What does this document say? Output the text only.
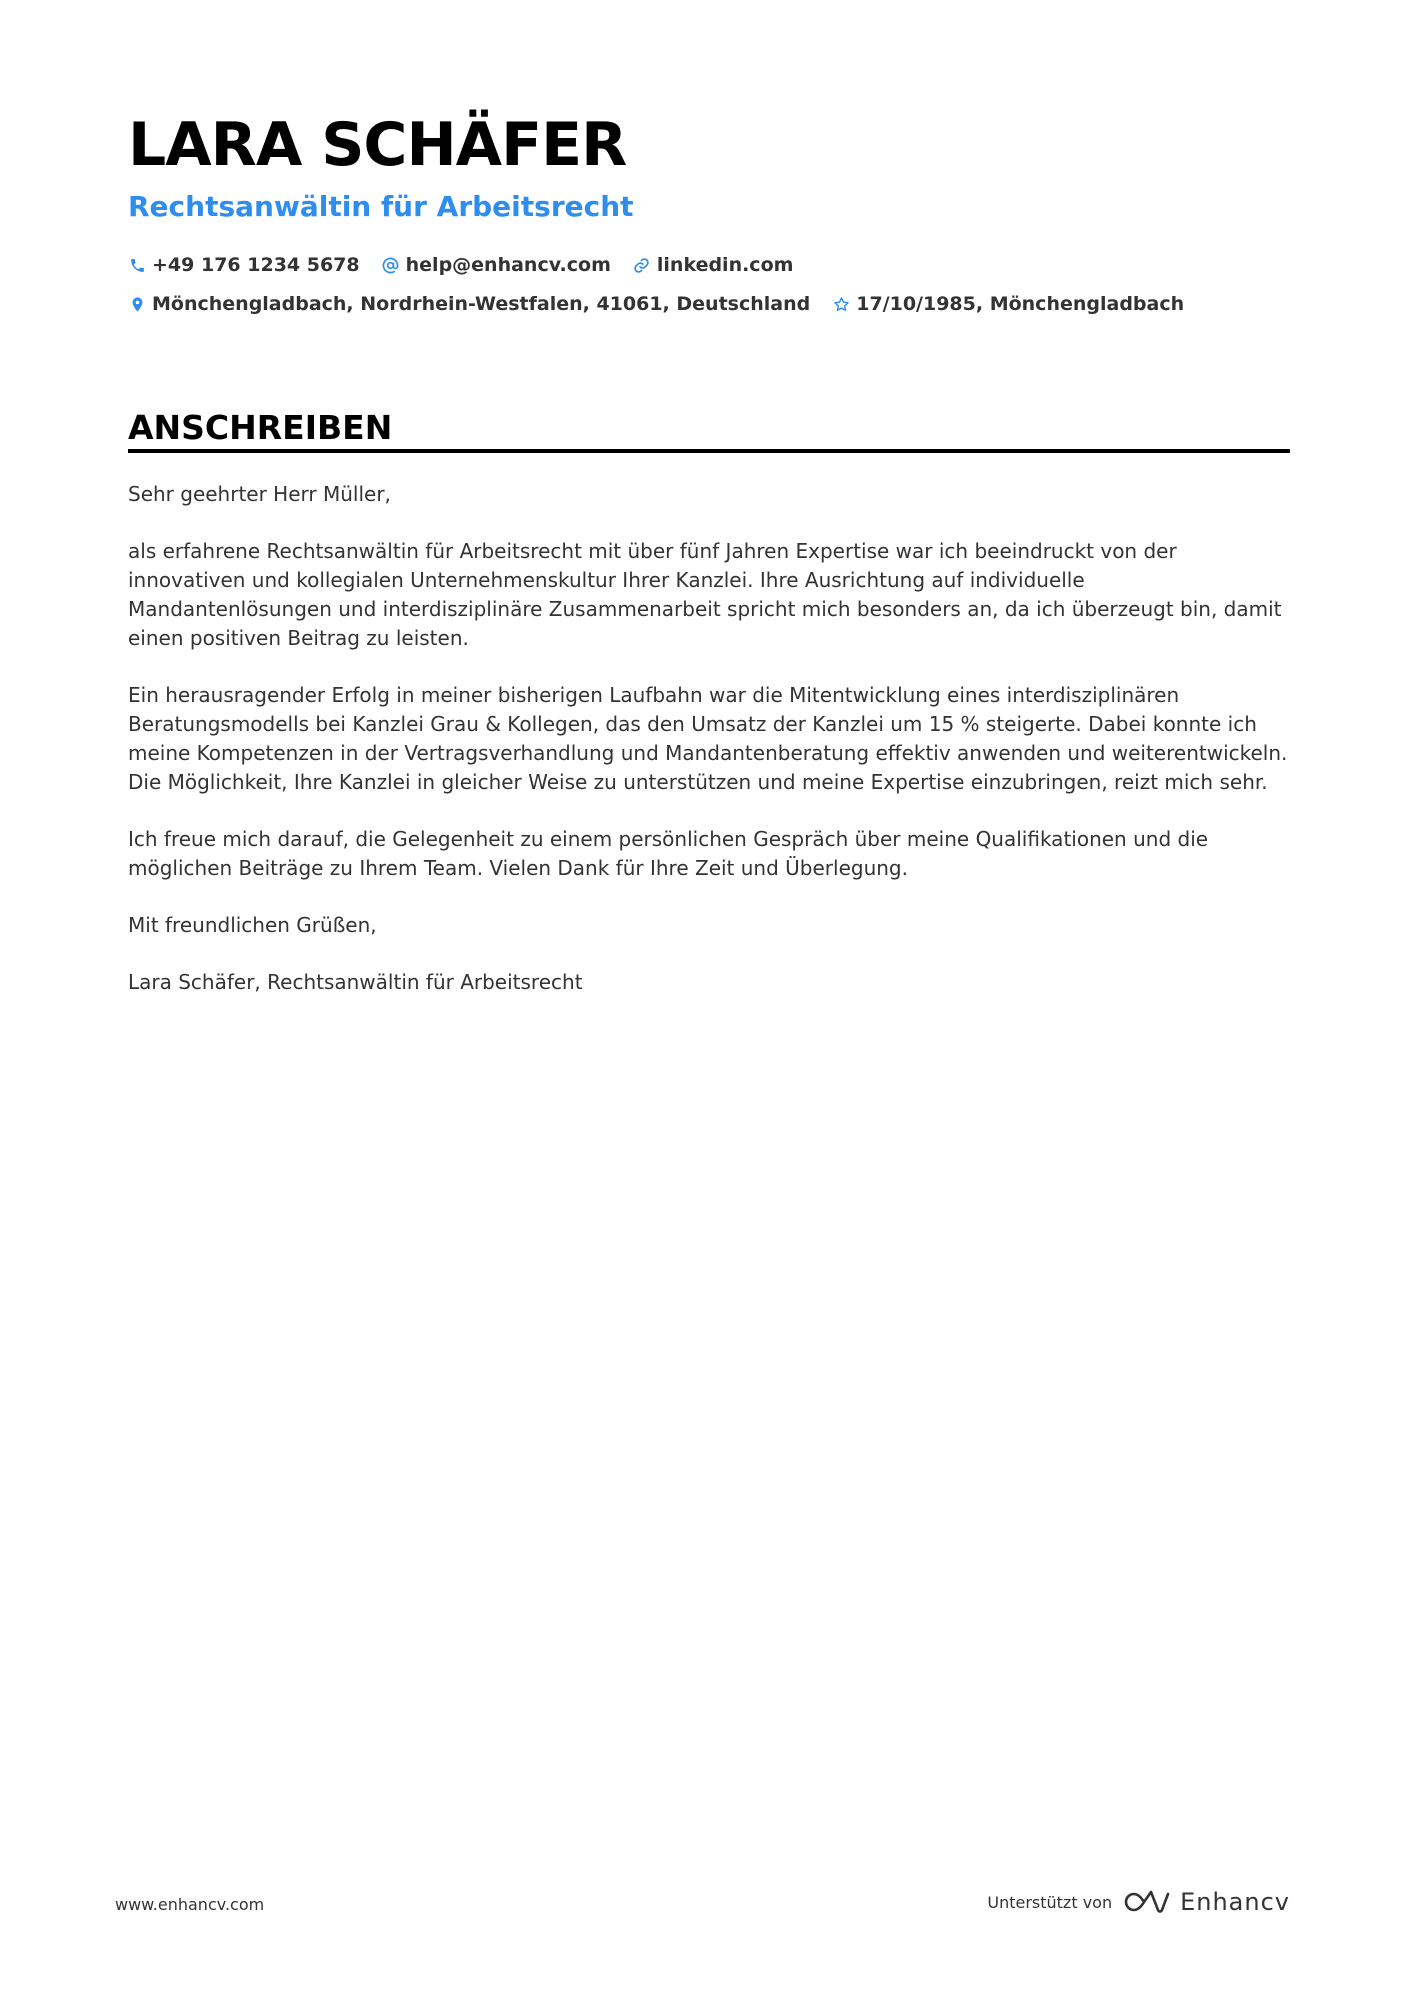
LARA SCHÄFER
Rechtsanwältin für Arbeitsrecht
+49 176 1234 5678 help@enhancv.com linkedin.com
Mönchengladbach, Nordrhein-Westfalen, 41061, Deutschland 17/10/1985, Mönchengladbach
ANSCHREIBEN

Sehr geehrter Herr Müller,

als erfahrene Rechtsanwältin für Arbeitsrecht mit über fünf Jahren Expertise war ich beeindruckt von der innovativen und kollegialen Unternehmenskultur Ihrer Kanzlei. Ihre Ausrichtung auf individuelle Mandantenlösungen und interdisziplinäre Zusammenarbeit spricht mich besonders an, da ich überzeugt bin, damit einen positiven Beitrag zu leisten.

Ein herausragender Erfolg in meiner bisherigen Laufbahn war die Mitentwicklung eines interdisziplinären Beratungsmodells bei Kanzlei Grau & Kollegen, das den Umsatz der Kanzlei um 15 % steigerte. Dabei konnte ich meine Kompetenzen in der Vertragsverhandlung und Mandantenberatung effektiv anwenden und weiterentwickeln. Die Möglichkeit, Ihre Kanzlei in gleicher Weise zu unterstützen und meine Expertise einzubringen, reizt mich sehr.

Ich freue mich darauf, die Gelegenheit zu einem persönlichen Gespräch über meine Qualifikationen und die möglichen Beiträge zu Ihrem Team. Vielen Dank für Ihre Zeit und Überlegung.

Mit freundlichen Grüßen,

Lara Schäfer, Rechtsanwältin für Arbeitsrecht

www.enhancv.com	Unterstützt von	Enhancv
